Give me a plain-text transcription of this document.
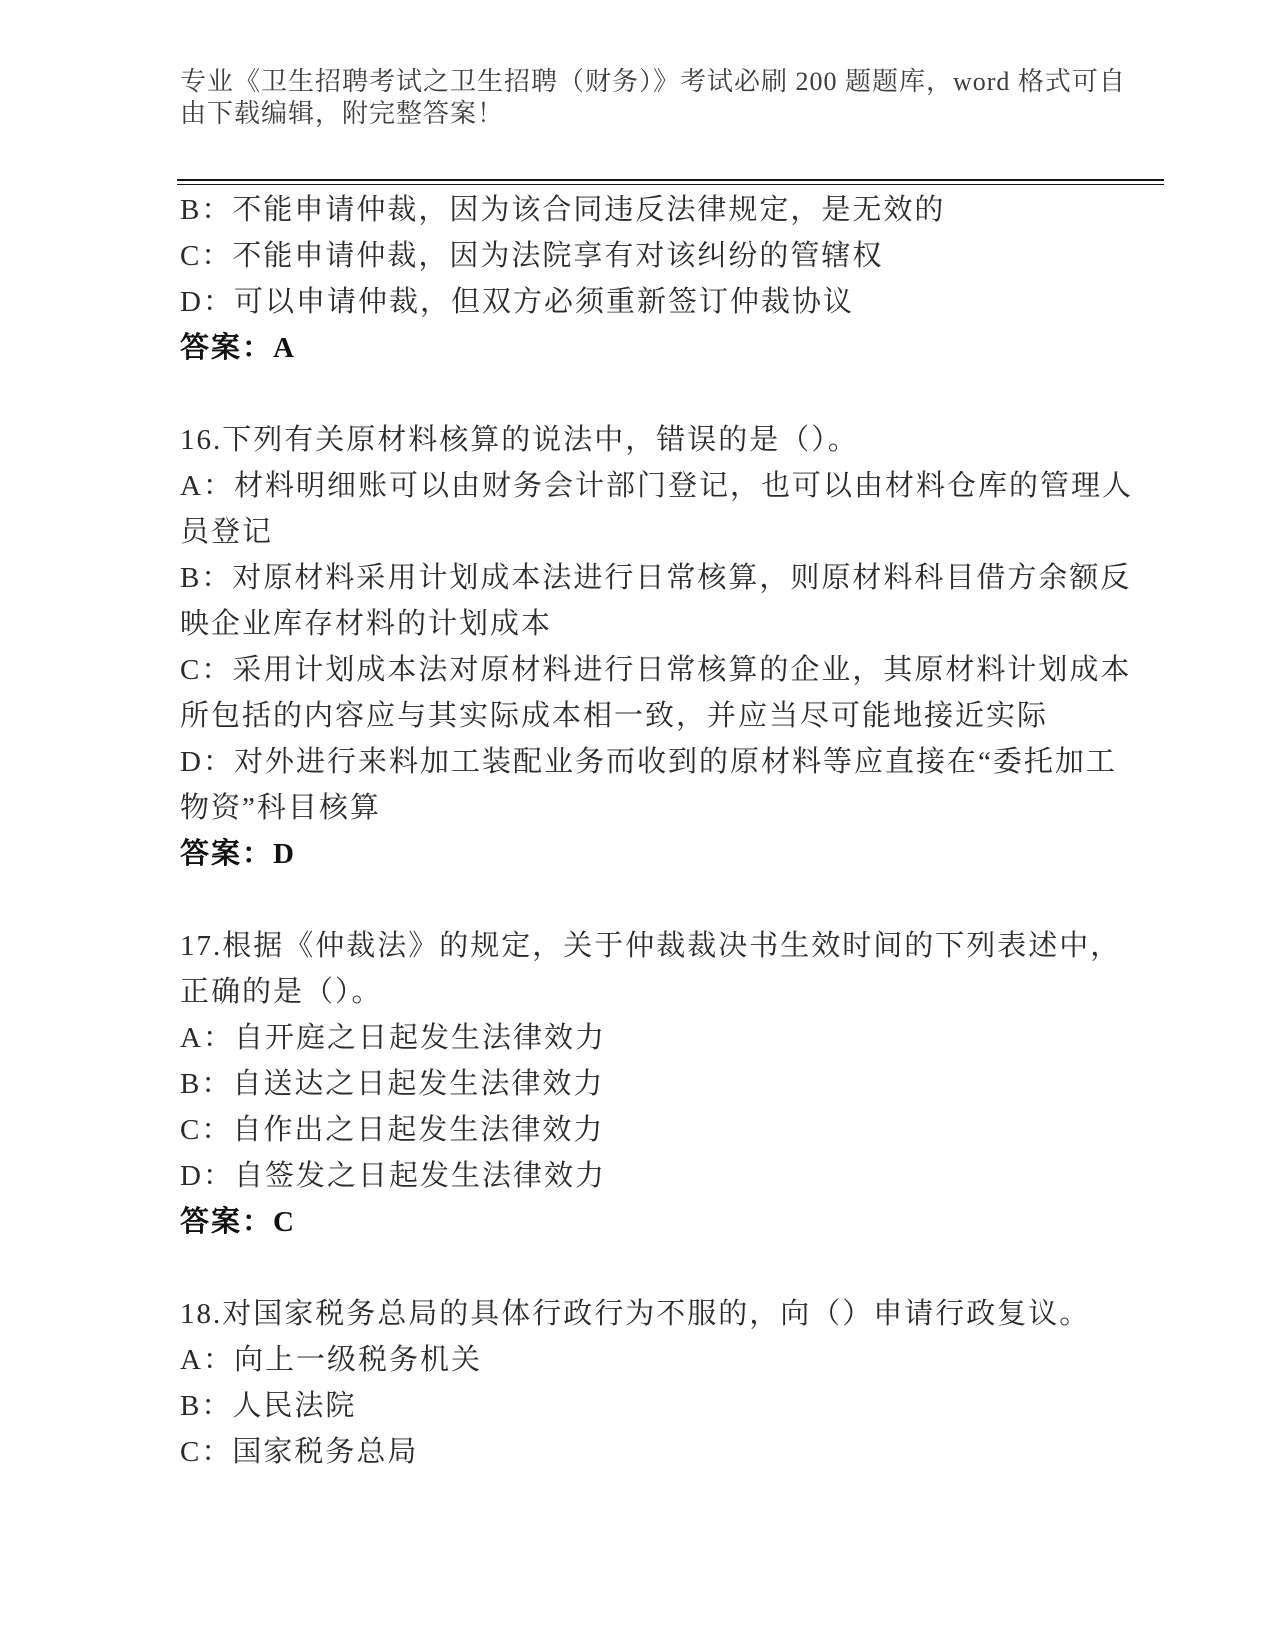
专业《卫生招聘考试之卫生招聘（财务）》考试必刷 200 题题库，word 格式可自
由下载编辑，附完整答案！

B：不能申请仲裁，因为该合同违反法律规定，是无效的

C：不能申请仲裁，因为法院享有对该纠纷的管辖权

D：可以申请仲裁，但双方必须重新签订仲裁协议

答案：A

16.下列有关原材料核算的说法中，错误的是（）。

A：材料明细账可以由财务会计部门登记，也可以由材料仓库的管理人员登记

B：对原材料采用计划成本法进行日常核算，则原材料科目借方余额反映企业库存材料的计划成本

C：采用计划成本法对原材料进行日常核算的企业，其原材料计划成本所包括的内容应与其实际成本相一致，并应当尽可能地接近实际

D：对外进行来料加工装配业务而收到的原材料等应直接在“委托加工物资”科目核算

答案：D

17.根据《仲裁法》的规定，关于仲裁裁决书生效时间的下列表述中，正确的是（）。

A：自开庭之日起发生法律效力

B：自送达之日起发生法律效力

C：自作出之日起发生法律效力

D：自签发之日起发生法律效力

答案：C

18.对国家税务总局的具体行政行为不服的，向（）申请行政复议。

A：向上一级税务机关

B：人民法院

C：国家税务总局
